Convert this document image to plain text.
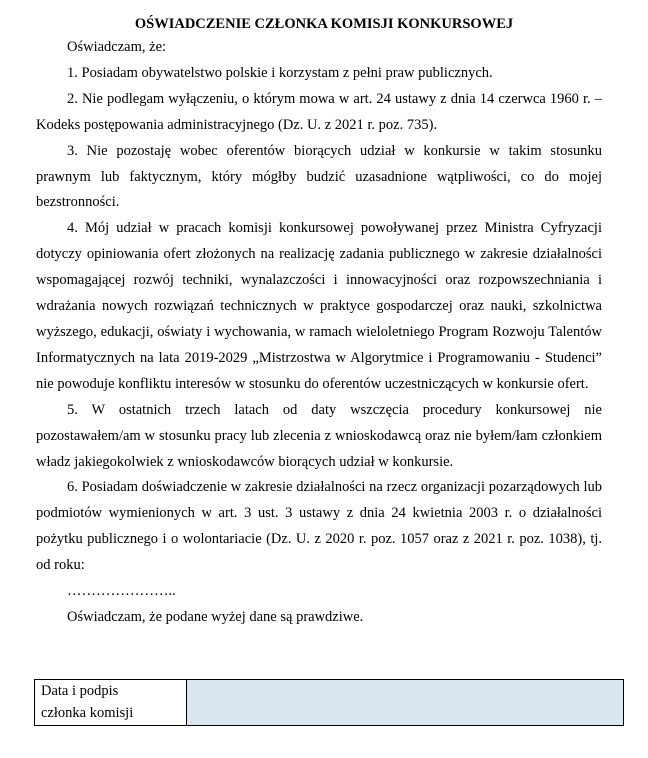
OŚWIADCZENIE CZŁONKA KOMISJI KONKURSOWEJ

Oświadczam, że:

1. Posiadam obywatelstwo polskie i korzystam z pełni praw publicznych.

2. Nie podlegam wyłączeniu, o którym mowa w art. 24 ustawy z dnia 14 czerwca 1960 r. – Kodeks postępowania administracyjnego (Dz. U. z 2021 r. poz. 735).

3. Nie pozostaję wobec oferentów biorących udział w konkursie w takim stosunku prawnym lub faktycznym, który mógłby budzić uzasadnione wątpliwości, co do mojej bezstronności.

4. Mój udział w pracach komisji konkursowej powoływanej przez Ministra Cyfryzacji dotyczy opiniowania ofert złożonych na realizację zadania publicznego w zakresie działalności wspomagającej rozwój techniki, wynalazczości i innowacyjności oraz rozpowszechniania i wdrażania nowych rozwiązań technicznych w praktyce gospodarczej oraz nauki, szkolnictwa wyższego, edukacji, oświaty i wychowania, w ramach wieloletniego Program Rozwoju Talentów Informatycznych na lata 2019-2029 „Mistrzostwa w Algorytmice i Programowaniu - Studenci” nie powoduje konfliktu interesów w stosunku do oferentów uczestniczących w konkursie ofert.

5. W ostatnich trzech latach od daty wszczęcia procedury konkursowej nie pozostawałem/am w stosunku pracy lub zlecenia z wnioskodawcą oraz nie byłem/łam członkiem władz jakiegokolwiek z wnioskodawców biorących udział w konkursie.

6. Posiadam doświadczenie w zakresie działalności na rzecz organizacji pozarządowych lub podmiotów wymienionych w art. 3 ust. 3 ustawy z dnia 24 kwietnia 2003 r. o działalności pożytku publicznego i o wolontariacie (Dz. U. z 2020 r. poz. 1057 oraz z 2021 r. poz. 1038), tj. od roku:

…………………..

Oświadczam, że podane wyżej dane są prawdziwe.

Data i podpis
członka komisji
